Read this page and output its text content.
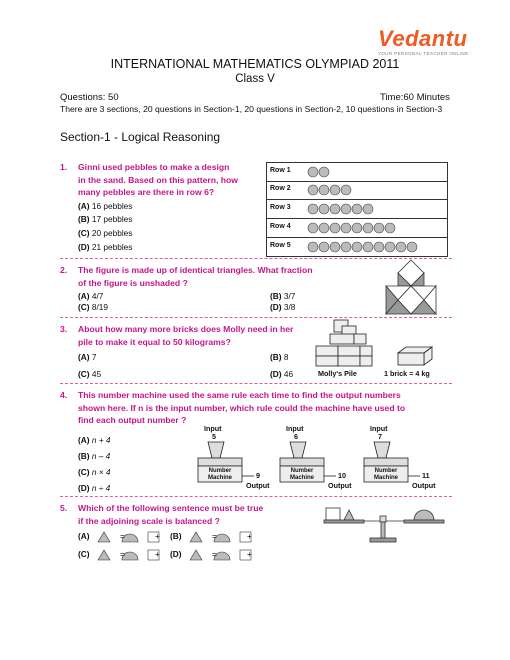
Vedantu
YOUR PERSONAL TEACHER ONLINE
INTERNATIONAL MATHEMATICS OLYMPIAD 2011
Class V
Questions: 50	Time:60 Minutes
There are 3 sections, 20 questions in Section-1, 20 questions in Section-2, 10 questions in Section-3
Section-1 - Logical Reasoning
1. Ginni used pebbles to make a design
in the sand. Based on this pattern, how
many pebbles are there in row 6?
(A) 16 pebbles
(B) 17 pebbles
(C) 20 pebbles
(D) 21 pebbles
Row 1
Row 2
Row 3
Row 4
Row 5
2. The figure is made up of identical triangles. What fraction
of the figure is unshaded ?
(A) 4/7	(B) 3/7
(C) 8/19	(D) 3/8
3. About how many more bricks does Molly need in her
pile to make it equal to 50 kilograms?
(A) 7	(B) 8
(C) 45	(D) 46	Molly's Pile	1 brick = 4 kg
4. This number machine used the same rule each time to find the output numbers
shown here. If n is the input number, which rule could the machine have used to
find each output number ?
(A) n + 4
(B) n – 4
(C) n × 4
(D) n ÷ 4
Input
5
Number Machine	9
Output
Input
6
Number Machine	10
Output
Input
7
Number Machine	11
Output
5. Which of the following sentence must be true
if the adjoining scale is balanced ?
(A)	=	+ (B)	=	+
(C)	=	+ (D)	=	+
